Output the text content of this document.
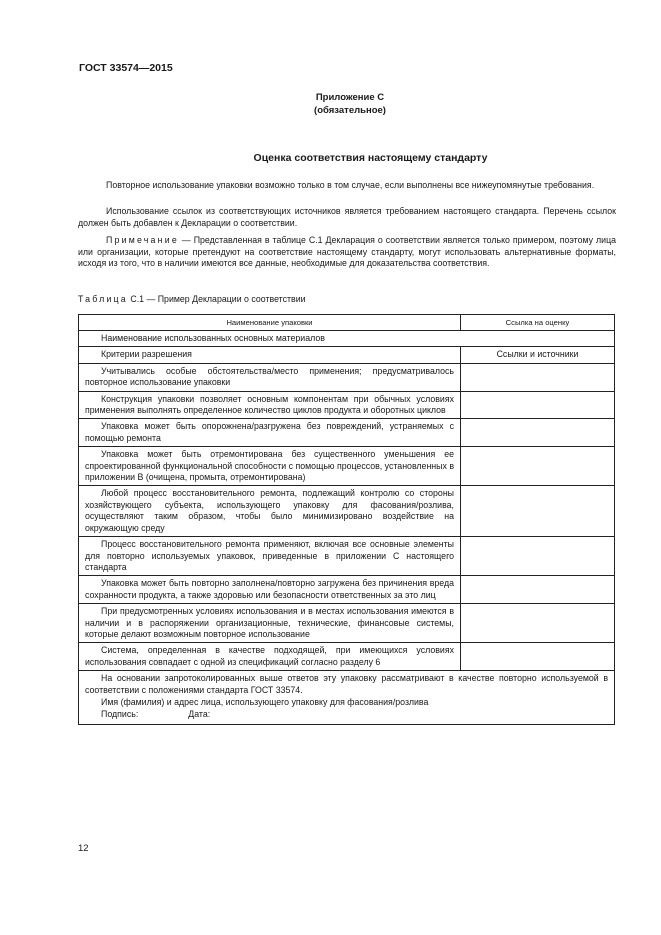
ГОСТ 33574—2015
Приложение С
(обязательное)
Оценка соответствия настоящему стандарту
Повторное использование упаковки возможно только в том случае, если выполнены все нижеупомянутые требования.
Использование ссылок из соответствующих источников является требованием настоящего стандарта. Перечень ссылок должен быть добавлен к Декларации о соответствии.
Примечание — Представленная в таблице С.1 Декларация о соответствии является только примером, поэтому лица или организации, которые претендуют на соответствие настоящему стандарту, могут использовать альтернативные форматы, исходя из того, что в наличии имеются все данные, необходимые для доказательства соответствия.
Таблица С.1 — Пример Декларации о соответствии
Наименование упаковки	Ссылка на оценку
Наименование использованных основных материалов	
Критерии разрешения	Ссылки и источники
Учитывались особые обстоятельства/место применения; предусматривалось повторное использование упаковки	
Конструкция упаковки позволяет основным компонентам при обычных условиях применения выполнять определенное количество циклов продукта и оборотных циклов	
Упаковка может быть опорожнена/разгружена без повреждений, устраняемых с помощью ремонта	
Упаковка может быть отремонтирована без существенного уменьшения ее спроектированной функциональной способности с помощью процессов, установленных в приложении В (очищена, промыта, отремонтирована)	
Любой процесс восстановительного ремонта, подлежащий контролю со стороны хозяйствующего субъекта, использующего упаковку для фасования/розлива, осуществляют таким образом, чтобы было минимизировано воздействие на окружающую среду	
Процесс восстановительного ремонта применяют, включая все основные элементы для повторно используемых упаковок, приведенные в приложении С настоящего стандарта	
Упаковка может быть повторно заполнена/повторно загружена без причинения вреда сохранности продукта, а также здоровью или безопасности ответственных за это лиц	
При предусмотренных условиях использования и в местах использования имеются в наличии и в распоряжении организационные, технические, финансовые системы, которые делают возможным повторное использование	
Система, определенная в качестве подходящей, при имеющихся условиях использования совпадает с одной из спецификаций согласно разделу 6	

На основании запротоколированных выше ответов эту упаковку рассматривают в качестве повторно используемой в соответствии с положениями стандарта ГОСТ 33574.
Имя (фамилия) и адрес лица, использующего упаковку для фасования/розлива
Подпись: Дата:	
12
